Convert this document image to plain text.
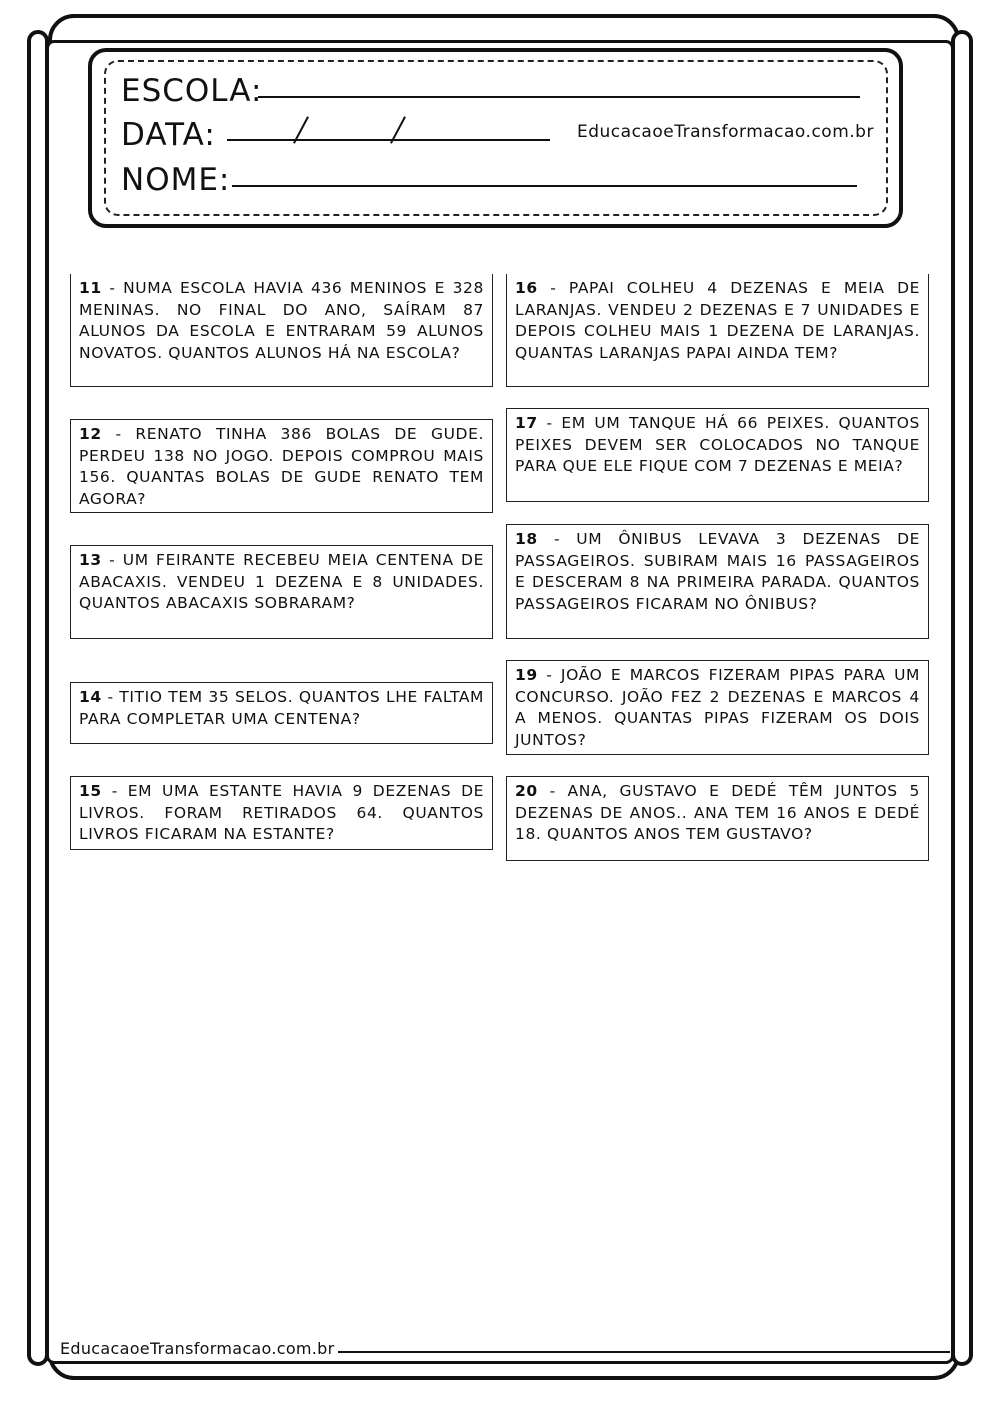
ESCOLA:
DATA:	EducacaoeTransformacao.com.br
NOME:
11 - NUMA ESCOLA HAVIA 436 MENINOS E 328 MENINAS. NO FINAL DO ANO, SAÍRAM 87 ALUNOS DA ESCOLA E ENTRARAM 59 ALUNOS NOVATOS. QUANTOS ALUNOS HÁ NA ESCOLA?
12 - RENATO TINHA 386 BOLAS DE GUDE. PERDEU 138 NO JOGO. DEPOIS COMPROU MAIS 156. QUANTAS BOLAS DE GUDE RENATO TEM AGORA?
13 - UM FEIRANTE RECEBEU MEIA CENTENA DE ABACAXIS. VENDEU 1 DEZENA E 8 UNIDADES. QUANTOS ABACAXIS SOBRARAM?
14 - TITIO TEM 35 SELOS. QUANTOS LHE FALTAM PARA COMPLETAR UMA CENTENA?
15 - EM UMA ESTANTE HAVIA 9 DEZENAS DE LIVROS. FORAM RETIRADOS 64. QUANTOS LIVROS FICARAM NA ESTANTE?
16 - PAPAI COLHEU 4 DEZENAS E MEIA DE LARANJAS. VENDEU 2 DEZENAS E 7 UNIDADES E DEPOIS COLHEU MAIS 1 DEZENA DE LARANJAS. QUANTAS LARANJAS PAPAI AINDA TEM?
17 - EM UM TANQUE HÁ 66 PEIXES. QUANTOS PEIXES DEVEM SER COLOCADOS NO TANQUE PARA QUE ELE FIQUE COM 7 DEZENAS E MEIA?
18 - UM ÔNIBUS LEVAVA 3 DEZENAS DE PASSAGEIROS. SUBIRAM MAIS 16 PASSAGEIROS E DESCERAM 8 NA PRIMEIRA PARADA. QUANTOS PASSAGEIROS FICARAM NO ÔNIBUS?
19 - JOÃO E MARCOS FIZERAM PIPAS PARA UM CONCURSO. JOÃO FEZ 2 DEZENAS E MARCOS 4 A MENOS. QUANTAS PIPAS FIZERAM OS DOIS JUNTOS?
20 - ANA, GUSTAVO E DEDÉ TÊM JUNTOS 5 DEZENAS DE ANOS.. ANA TEM 16 ANOS E DEDÉ 18. QUANTOS ANOS TEM GUSTAVO?
EducacaoeTransformacao.com.br
